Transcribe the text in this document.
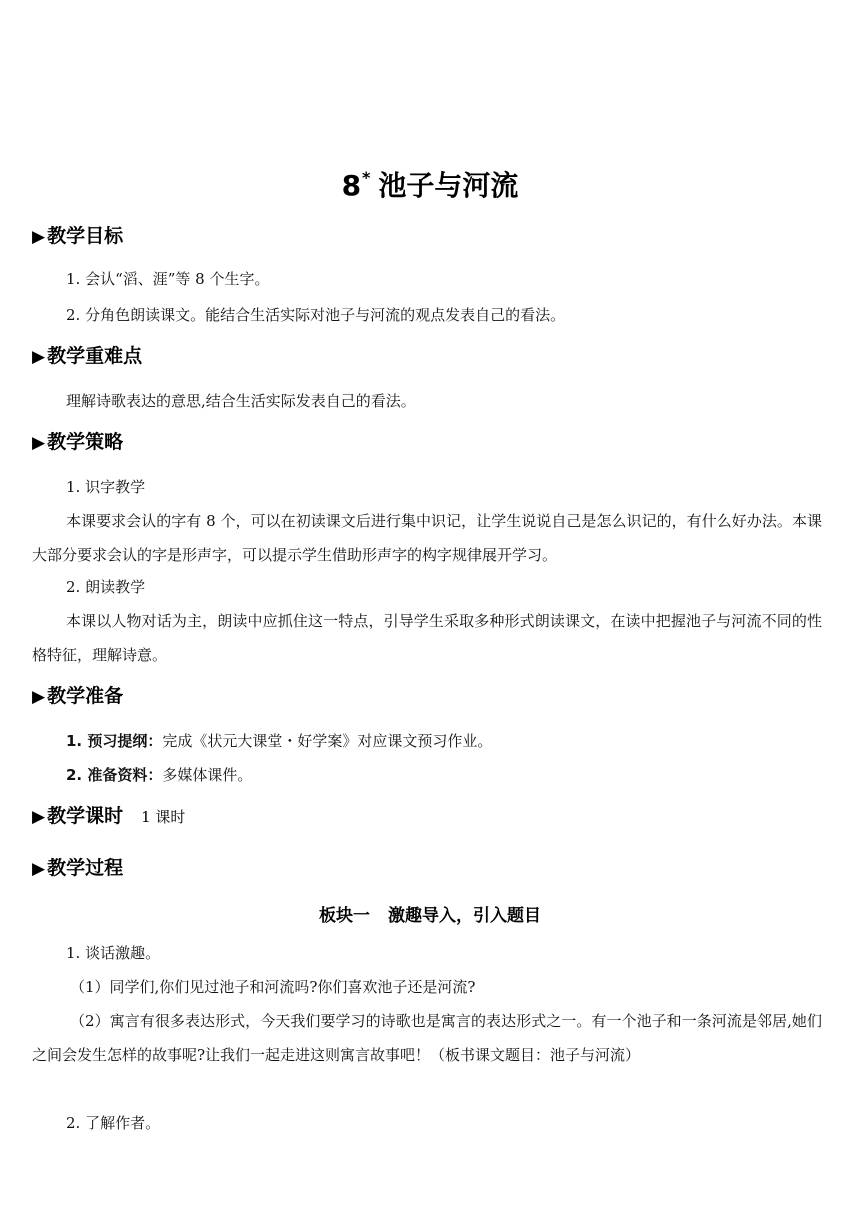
8* 池子与河流
▶ 教学目标
1. 会认“滔、涯”等 8 个生字。
2. 分角色朗读课文。能结合生活实际对池子与河流的观点发表自己的看法。
▶ 教学重难点
理解诗歌表达的意思,结合生活实际发表自己的看法。
▶ 教学策略
1. 识字教学
本课要求会认的字有 8 个，可以在初读课文后进行集中识记，让学生说说自己是怎么识记的，有什么好办法。本课大部分要求会认的字是形声字，可以提示学生借助形声字的构字规律展开学习。
2. 朗读教学
本课以人物对话为主，朗读中应抓住这一特点，引导学生采取多种形式朗读课文，在读中把握池子与河流不同的性格特征，理解诗意。
▶ 教学准备
1. 预习提纲：完成《状元大课堂・好学案》对应课文预习作业。
2. 准备资料：多媒体课件。
▶ 教学课时 1 课时
▶ 教学过程
板块一 激趣导入，引入题目
1. 谈话激趣。
（1）同学们,你们见过池子和河流吗?你们喜欢池子还是河流?
（2）寓言有很多表达形式，今天我们要学习的诗歌也是寓言的表达形式之一。有一个池子和一条河流是邻居,她们之间会发生怎样的故事呢?让我们一起走进这则寓言故事吧！（板书课文题目：池子与河流）
2. 了解作者。
